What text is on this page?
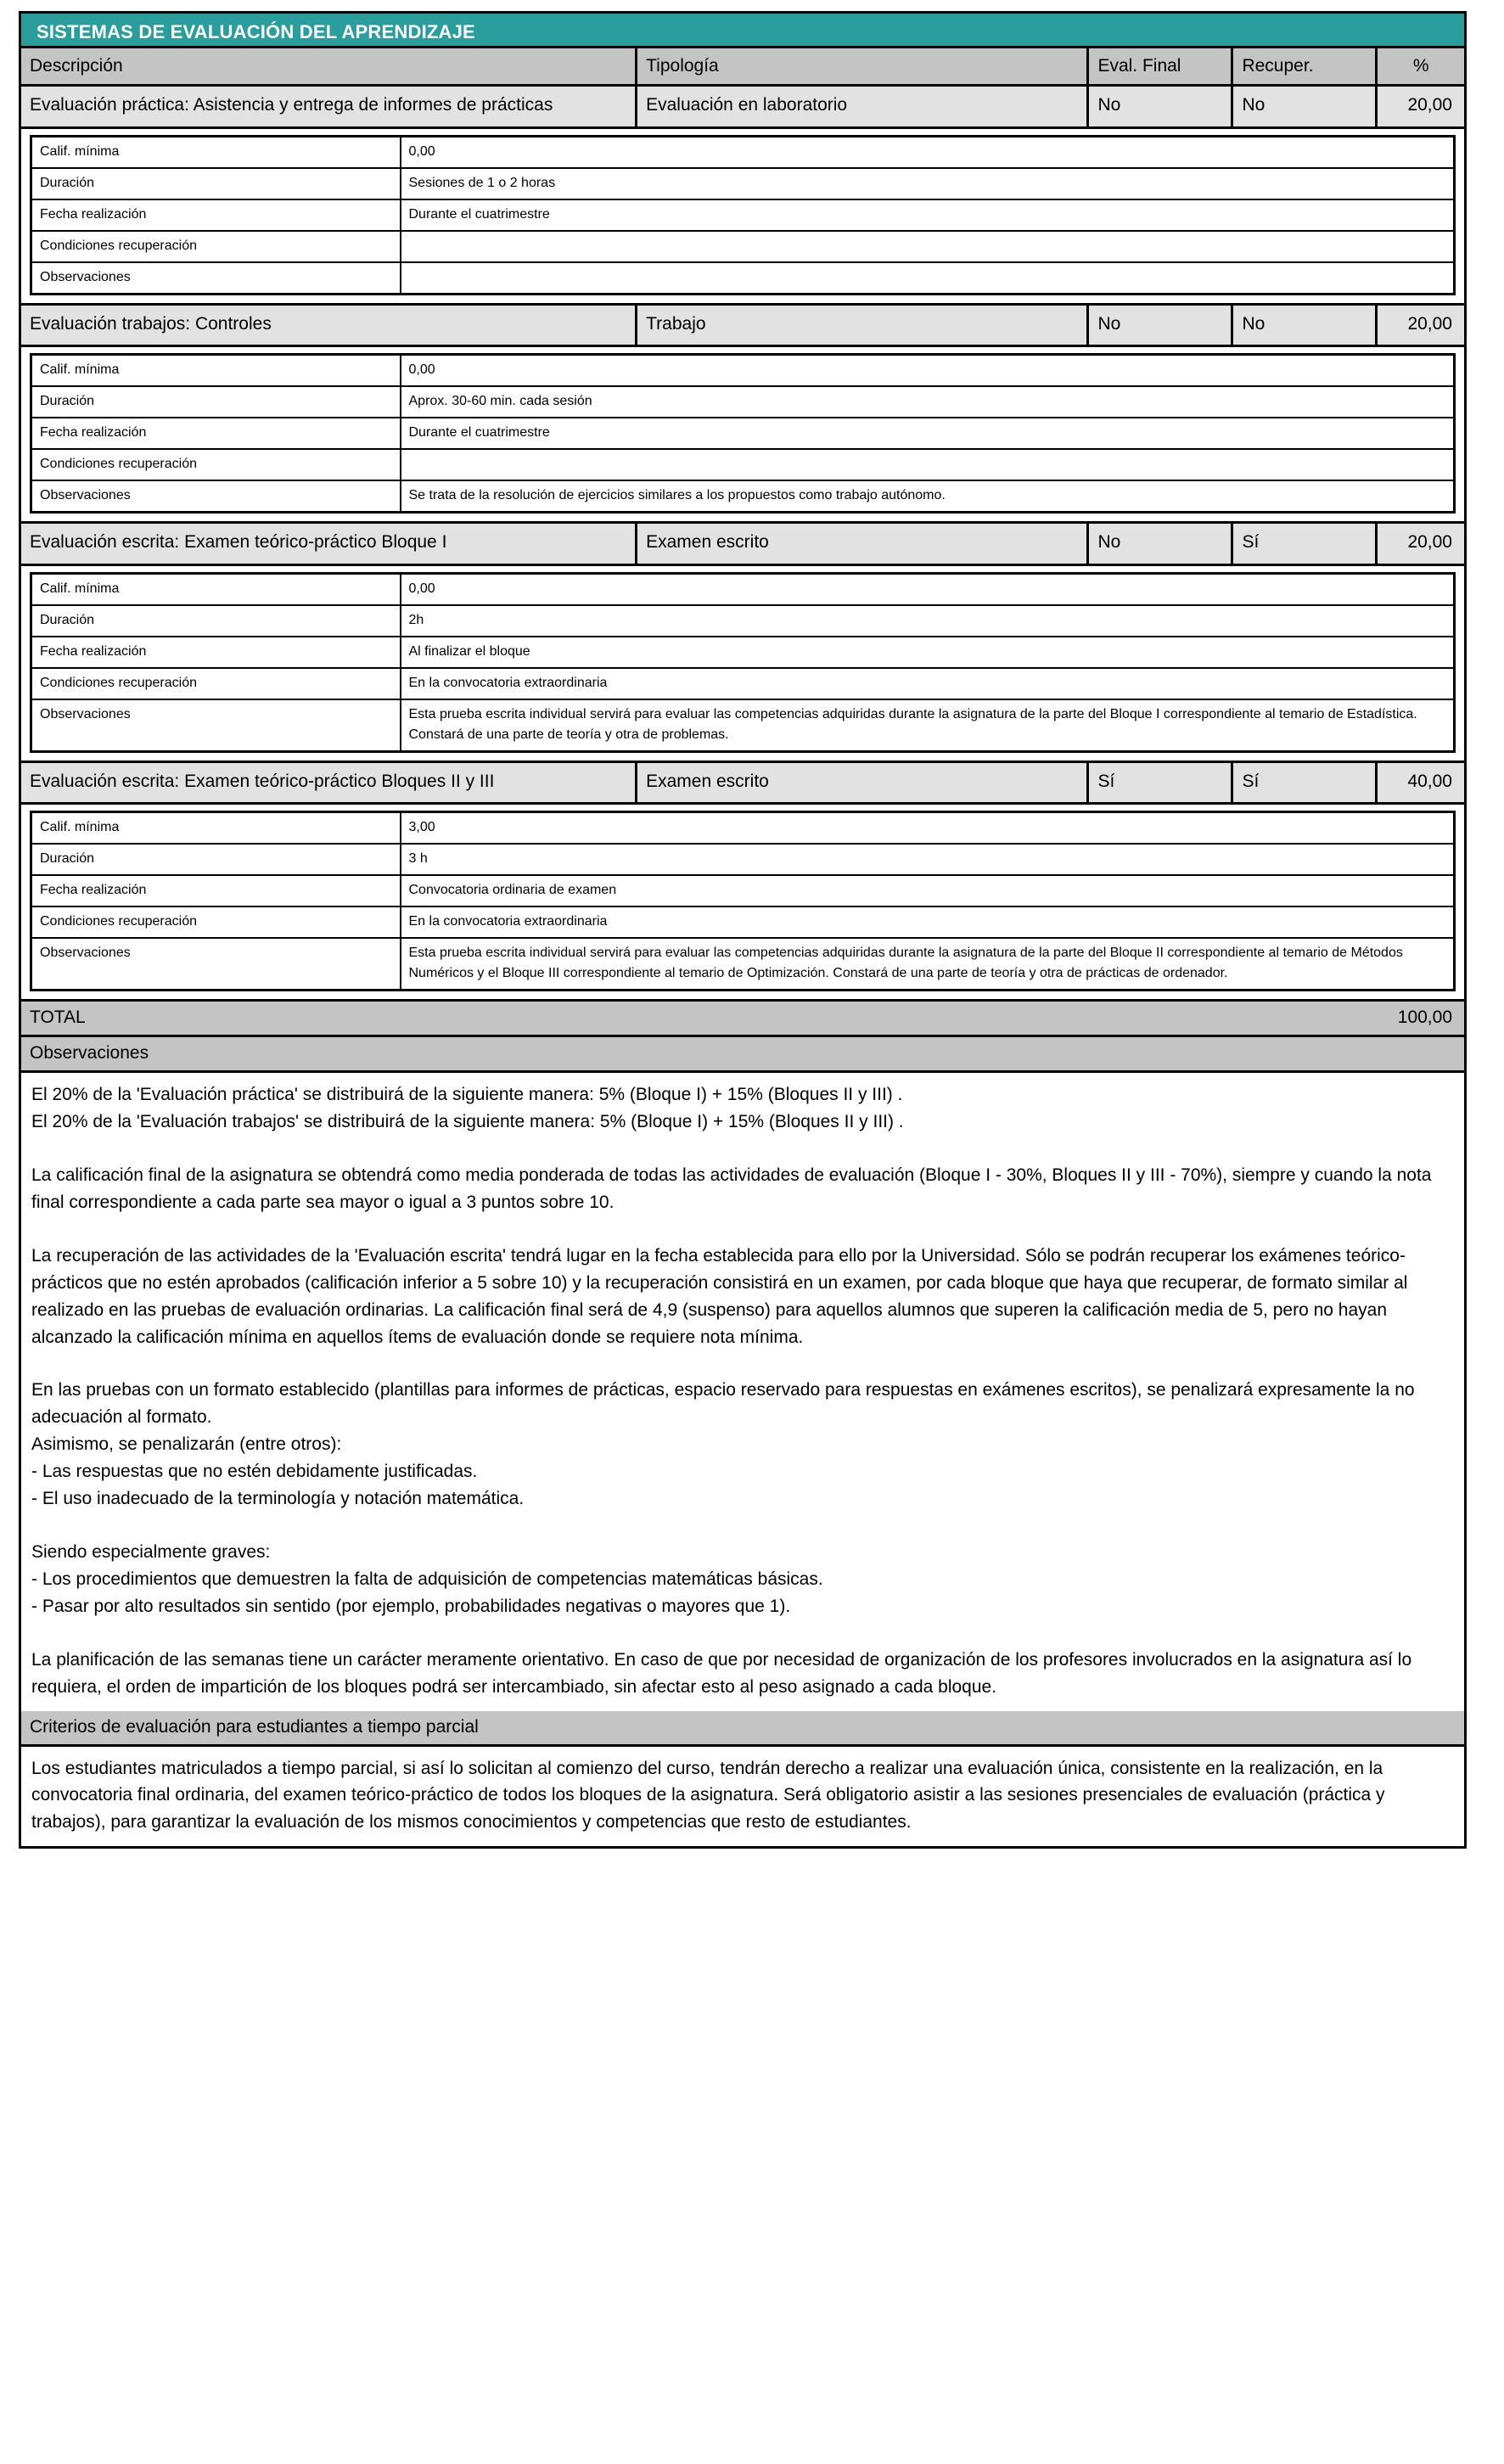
SISTEMAS DE EVALUACIÓN DEL APRENDIZAJE
Descripción	Tipología	Eval. Final	Recuper.	%
Evaluación práctica: Asistencia y entrega de informes de prácticas	Evaluación en laboratorio	No	No	20,00

Calif. mínima	0,00
Duración	Sesiones de 1 o 2 horas
Fecha realización	Durante el cuatrimestre
Condiciones recuperación	
Observaciones	

Evaluación trabajos: Controles	Trabajo	No	No	20,00

Calif. mínima	0,00
Duración	Aprox. 30-60 min. cada sesión
Fecha realización	Durante el cuatrimestre
Condiciones recuperación	
Observaciones	Se trata de la resolución de ejercicios similares a los propuestos como trabajo autónomo.

Evaluación escrita: Examen teórico-práctico Bloque I	Examen escrito	No	Sí	20,00

Calif. mínima	0,00
Duración	2h
Fecha realización	Al finalizar el bloque
Condiciones recuperación	En la convocatoria extraordinaria
Observaciones	Esta prueba escrita individual servirá para evaluar las competencias adquiridas durante la asignatura de la parte del Bloque I correspondiente al temario de Estadística. Constará de una parte de teoría y otra de problemas.

Evaluación escrita: Examen teórico-práctico Bloques II y III	Examen escrito	Sí	Sí	40,00

Calif. mínima	3,00
Duración	3 h
Fecha realización	Convocatoria ordinaria de examen
Condiciones recuperación	En la convocatoria extraordinaria
Observaciones	Esta prueba escrita individual servirá para evaluar las competencias adquiridas durante la asignatura de la parte del Bloque II correspondiente al temario de Métodos Numéricos y el Bloque III correspondiente al temario de Optimización. Constará de una parte de teoría y otra de prácticas de ordenador.
TOTAL	100,00
Observaciones
El 20% de la 'Evaluación práctica' se distribuirá de la siguiente manera: 5% (Bloque I) + 15% (Bloques II y III) .
El 20% de la 'Evaluación trabajos' se distribuirá de la siguiente manera: 5% (Bloque I) + 15% (Bloques II y III) .
La calificación final de la asignatura se obtendrá como media ponderada de todas las actividades de evaluación (Bloque I - 30%, Bloques II y III - 70%), siempre y cuando la nota final correspondiente a cada parte sea mayor o igual a 3 puntos sobre 10.
La recuperación de las actividades de la 'Evaluación escrita' tendrá lugar en la fecha establecida para ello por la Universidad. Sólo se podrán recuperar los exámenes teórico-prácticos que no estén aprobados (calificación inferior a 5 sobre 10) y la recuperación consistirá en un examen, por cada bloque que haya que recuperar, de formato similar al realizado en las pruebas de evaluación ordinarias. La calificación final será de 4,9 (suspenso) para aquellos alumnos que superen la calificación media de 5, pero no hayan alcanzado la calificación mínima en aquellos ítems de evaluación donde se requiere nota mínima.
En las pruebas con un formato establecido (plantillas para informes de prácticas, espacio reservado para respuestas en exámenes escritos), se penalizará expresamente la no adecuación al formato.
Asimismo, se penalizarán (entre otros):
- Las respuestas que no estén debidamente justificadas.
- El uso inadecuado de la terminología y notación matemática.
Siendo especialmente graves:
- Los procedimientos que demuestren la falta de adquisición de competencias matemáticas básicas.
- Pasar por alto resultados sin sentido (por ejemplo, probabilidades negativas o mayores que 1).
La planificación de las semanas tiene un carácter meramente orientativo. En caso de que por necesidad de organización de los profesores involucrados en la asignatura así lo requiera, el orden de impartición de los bloques podrá ser intercambiado, sin afectar esto al peso asignado a cada bloque.
Criterios de evaluación para estudiantes a tiempo parcial
Los estudiantes matriculados a tiempo parcial, si así lo solicitan al comienzo del curso, tendrán derecho a realizar una evaluación única, consistente en la realización, en la convocatoria final ordinaria, del examen teórico-práctico de todos los bloques de la asignatura. Será obligatorio asistir a las sesiones presenciales de evaluación (práctica y trabajos), para garantizar la evaluación de los mismos conocimientos y competencias que resto de estudiantes.
